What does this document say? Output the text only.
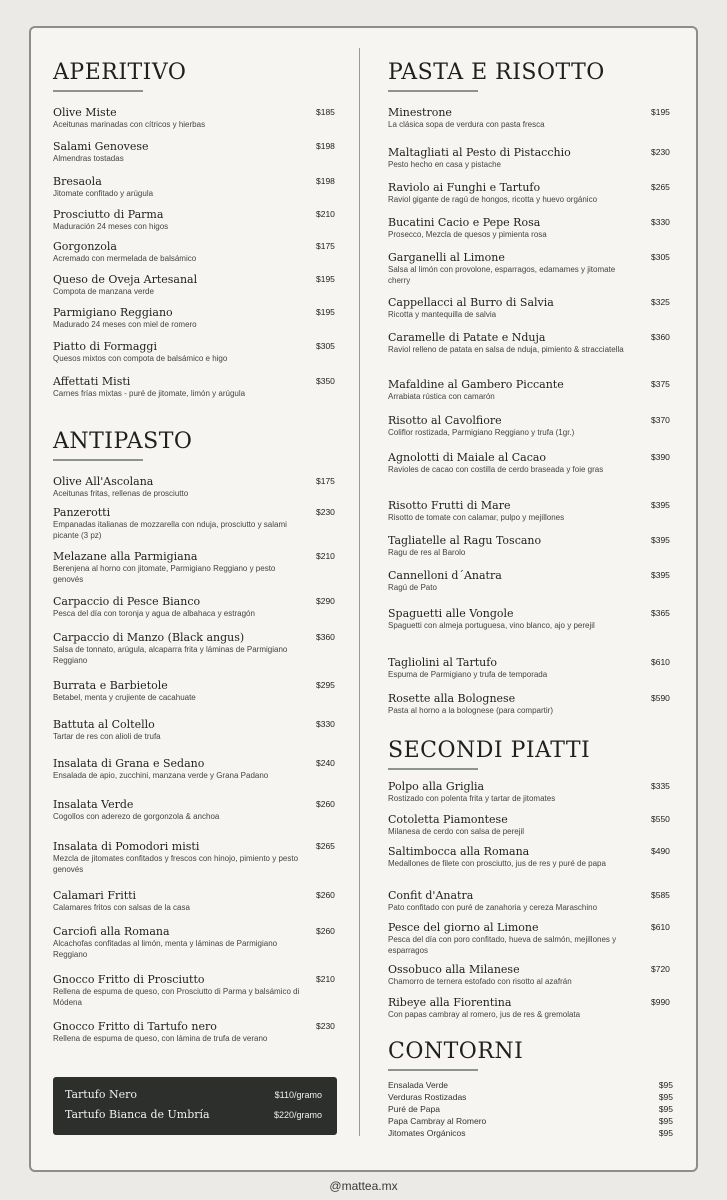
Tartufo Nero	$110/gramo
Tartufo Bianca de Umbría	$220/gramo
@mattea.mx
APERITIVO
Olive Miste
Aceitunas marinadas con cítricos y hierbas
$185
Salami Genovese
Almendras tostadas
$198
Bresaola
Jitomate confitado y arúgula
$198
Prosciutto di Parma
Maduración 24 meses con higos
$210
Gorgonzola
Acremado con mermelada de balsámico
$175
Queso de Oveja Artesanal
Compota de manzana verde
$195
Parmigiano Reggiano
Madurado 24 meses con miel de romero
$195
Piatto di Formaggi
Quesos mixtos con compota de balsámico e higo
$305
Affettati Misti
Carnes frías mixtas - puré de jitomate, limón y arúgula
$350
ANTIPASTO
Olive All'Ascolana
Aceitunas fritas, rellenas de prosciutto
$175
Panzerotti
Empanadas italianas de mozzarella con nduja, prosciutto y salami picante (3 pz)
$230
Melazane alla Parmigiana
Berenjena al horno con jitomate, Parmigiano Reggiano y pesto genovés
$210
Carpaccio di Pesce Bianco
Pesca del día con toronja y agua de albahaca y estragón
$290
Carpaccio di Manzo (Black angus)
Salsa de tonnato, arúgula, alcaparra frita y láminas de Parmigiano Reggiano
$360
Burrata e Barbietole
Betabel, menta y crujiente de cacahuate
$295
Battuta al Coltello
Tartar de res con alioli de trufa
$330
Insalata di Grana e Sedano
Ensalada de apio, zucchini, manzana verde y Grana Padano
$240
Insalata Verde
Cogollos con aderezo de gorgonzola & anchoa
$260
Insalata di Pomodori misti
Mezcla de jitomates confitados y frescos con hinojo, pimiento y pesto genovés
$265
Calamari Fritti
Calamares fritos con salsas de la casa
$260
Carciofi alla Romana
Alcachofas confitadas al limón, menta y láminas de Parmigiano Reggiano
$260
Gnocco Fritto di Prosciutto
Rellena de espuma de queso, con Prosciutto di Parma y balsámico di Módena
$210
Gnocco Fritto di Tartufo nero
Rellena de espuma de queso, con lámina de trufa de verano
$230
PASTA E RISOTTO
Minestrone
La clásica sopa de verdura con pasta fresca
$195
Maltagliati al Pesto di Pistacchio
Pesto hecho en casa y pistache
$230
Raviolo ai Funghi e Tartufo
Raviol gigante de ragú de hongos, ricotta y huevo orgánico
$265
Bucatini Cacio e Pepe Rosa
Prosecco, Mezcla de quesos y pimienta rosa
$330
Garganelli al Limone
Salsa al limón con provolone, esparragos, edamames y jitomate cherry
$305
Cappellacci al Burro di Salvia
Ricotta y mantequilla de salvia
$325
Caramelle di Patate e Nduja
Raviol relleno de patata en salsa de nduja, pimiento & stracciatella
$360
Mafaldine al Gambero Piccante
Arrabiata rústica con camarón
$375
Risotto al Cavolfiore
Coliflor rostizada, Parmigiano Reggiano y trufa (1gr.)
$370
Agnolotti di Maiale al Cacao
Ravioles de cacao con costilla de cerdo braseada y foie gras
$390
Risotto Frutti di Mare
Risotto de tomate con calamar, pulpo y mejillones
$395
Tagliatelle al Ragu Toscano
Ragu de res al Barolo
$395
Cannelloni d´Anatra
Ragú de Pato
$395
Spaguetti alle Vongole
Spaguetti con almeja portuguesa, vino blanco, ajo y perejil
$365
Tagliolini al Tartufo
Espuma de Parmigiano y trufa de temporada
$610
Rosette alla Bolognese
Pasta al horno a la bolognese (para compartir)
$590
SECONDI PIATTI
Polpo alla Griglia
Rostizado con polenta frita y tartar de jitomates
$335
Cotoletta Piamontese
Milanesa de cerdo con salsa de perejil
$550
Saltimbocca alla Romana
Medallones de filete con prosciutto, jus de res y puré de papa
$490
Confit d'Anatra
Pato confitado con puré de zanahoria y cereza Maraschino
$585
Pesce del giorno al Limone
Pesca del día con poro confitado, hueva de salmón, mejillones y esparragos
$610
Ossobuco alla Milanese
Chamorro de ternera estofado con risotto al azafrán
$720
Ribeye alla Fiorentina
Con papas cambray al romero, jus de res & gremolata
$990
CONTORNI
Ensalada Verde	$95
Verduras Rostizadas	$95
Puré de Papa	$95
Papa Cambray al Romero	$95
Jitomates Orgánicos	$95
